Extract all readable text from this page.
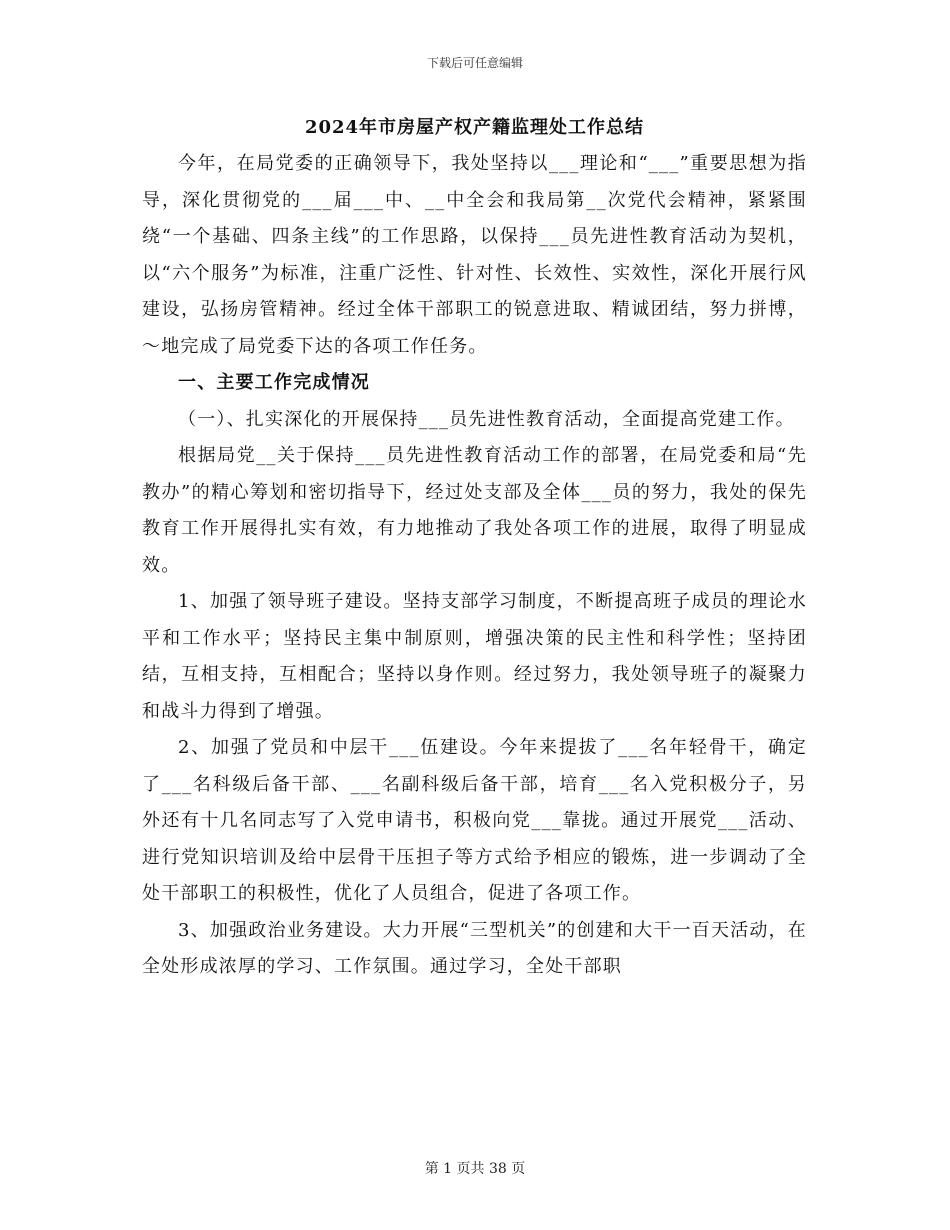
下载后可任意编辑
2024年市房屋产权产籍监理处工作总结

今年，在局党委的正确领导下，我处坚持以___理论和“___”重要思想为指导，深化贯彻党的___届___中、__中全会和我局第__次党代会精神，紧紧围绕“一个基础、四条主线”的工作思路，以保持___员先进性教育活动为契机，以“六个服务”为标准，注重广泛性、针对性、长效性、实效性，深化开展行风建设，弘扬房管精神。经过全体干部职工的锐意进取、精诚团结，努力拼博，～地完成了局党委下达的各项工作任务。

一、主要工作完成情况

（一）、扎实深化的开展保持___员先进性教育活动，全面提高党建工作。

根据局党__关于保持___员先进性教育活动工作的部署，在局党委和局“先教办”的精心筹划和密切指导下，经过处支部及全体___员的努力，我处的保先教育工作开展得扎实有效，有力地推动了我处各项工作的进展，取得了明显成效。

1、加强了领导班子建设。坚持支部学习制度，不断提高班子成员的理论水平和工作水平；坚持民主集中制原则，增强决策的民主性和科学性；坚持团结，互相支持，互相配合；坚持以身作则。经过努力，我处领导班子的凝聚力和战斗力得到了增强。

2、加强了党员和中层干___伍建设。今年来提拔了___名年轻骨干，确定了___名科级后备干部、___名副科级后备干部，培育___名入党积极分子，另外还有十几名同志写了入党申请书，积极向党___靠拢。通过开展党___活动、进行党知识培训及给中层骨干压担子等方式给予相应的锻炼，进一步调动了全处干部职工的积极性，优化了人员组合，促进了各项工作。

3、加强政治业务建设。大力开展“三型机关”的创建和大干一百天活动，在全处形成浓厚的学习、工作氛围。通过学习，全处干部职

第 1 页共 38 页
